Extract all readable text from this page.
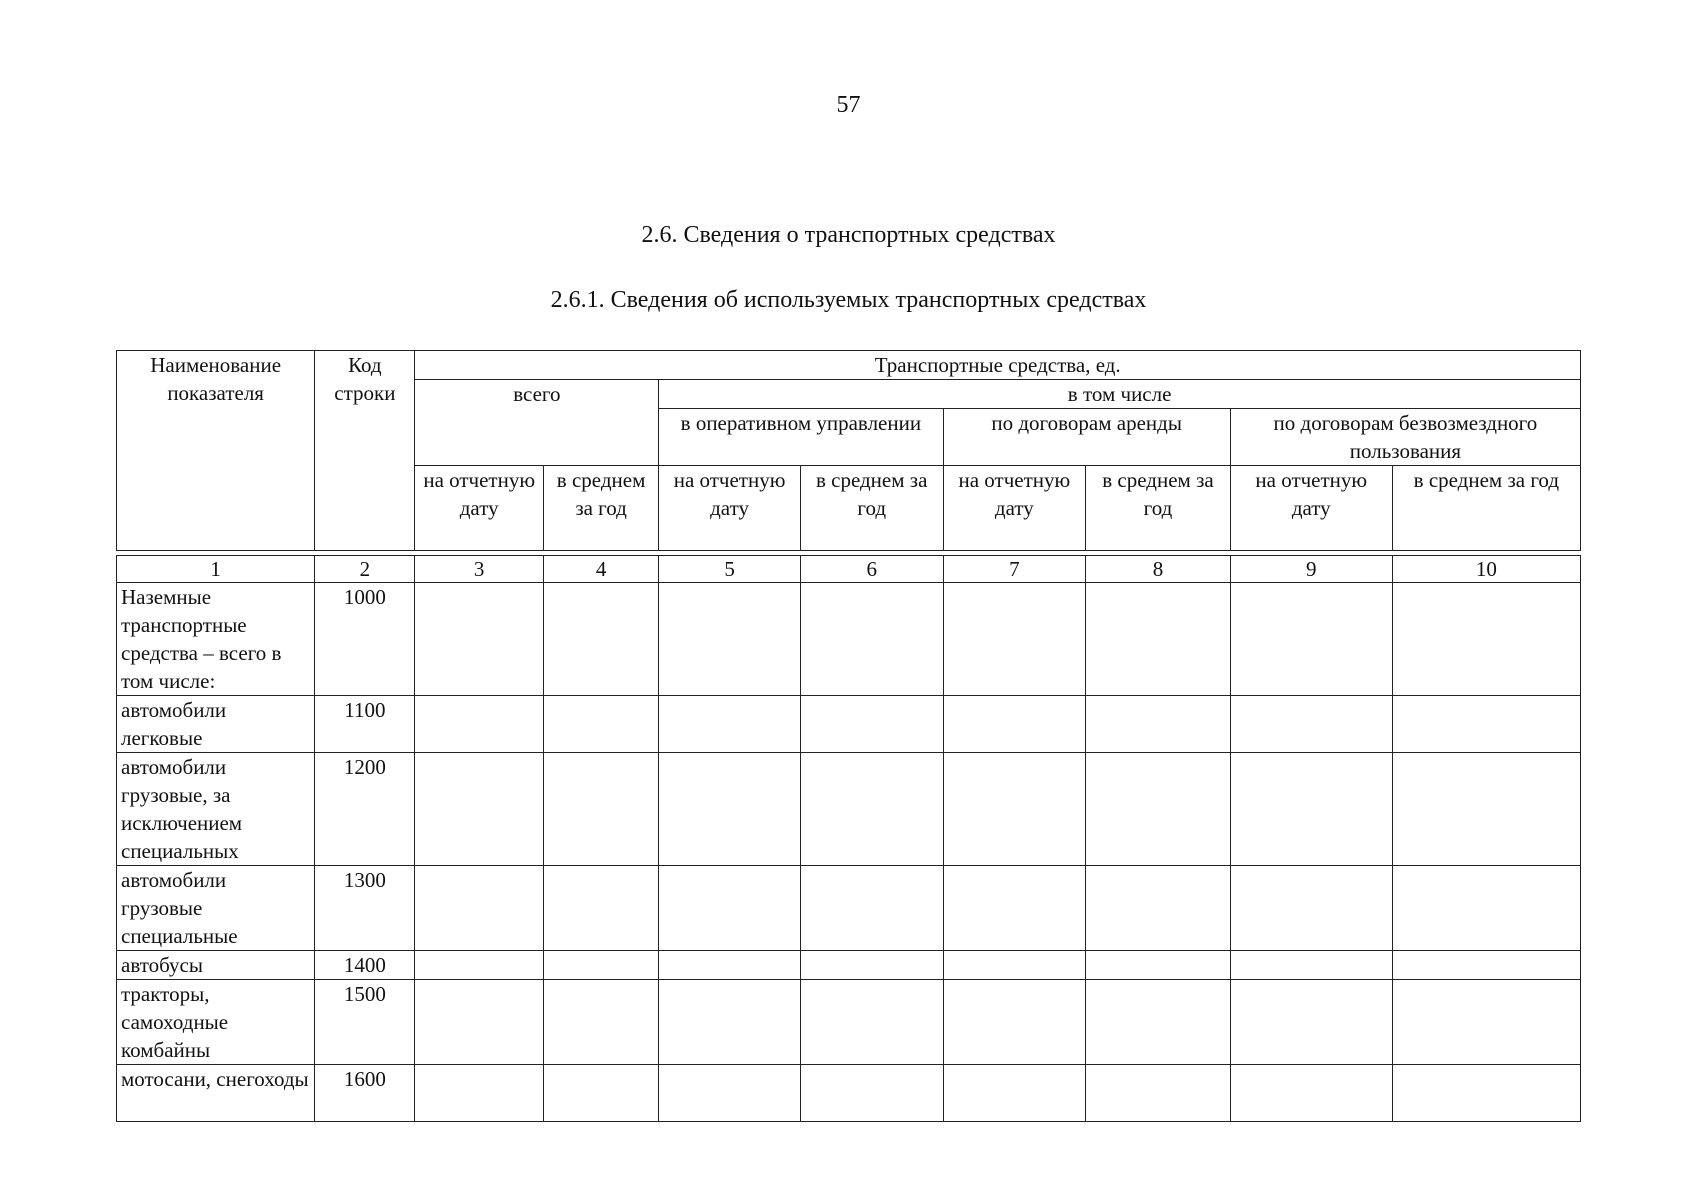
57
2.6. Сведения о транспортных средствах
2.6.1. Сведения об используемых транспортных средствах
Наименование показателя	Код строки	Транспортные средства, ед.							
		всего		в том числе					
				в оперативном управлении		по договорам аренды		по договорам безвозмездного пользования	
		на отчетную дату	в среднем за год	на отчетную дату	в среднем за год	на отчетную дату	в среднем за год	на отчетную дату	в среднем за год

1	2	3	4	5	6	7	8	9	10
Наземные транспортные средства – всего в том числе:	1000								
автомобили легковые	1100								
автомобили грузовые, за исключением специальных	1200								
автомобили грузовые специальные	1300								
автобусы	1400								
тракторы, самоходные комбайны	1500								
мотосани, снегоходы	1600								
